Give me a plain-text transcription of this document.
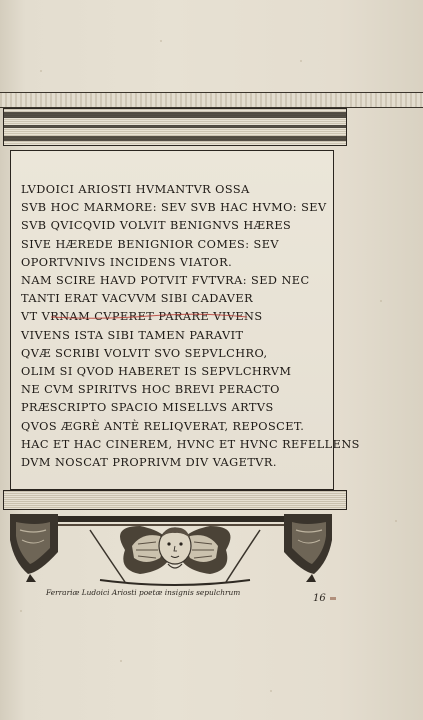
LVDOICI ARIOSTI HVMANTVR OSSA
SVB HOC MARMORE: SEV SVB HAC HVMO: SEV
SVB QVICQVID VOLVIT BENIGNVS HÆRES
SIVE HÆREDE BENIGNIOR COMES: SEV
OPORTVNIVS INCIDENS VIATOR.
NAM SCIRE HAVD POTVIT FVTVRA: SED NEC
TANTI ERAT VACVVM SIBI CADAVER
VT VRNAM CVPERET PARARE VIVENS
VIVENS ISTA SIBI TAMEN PARAVIT
QVÆ SCRIBI VOLVIT SVO SEPVLCHRO,
OLIM SI QVOD HABERET IS SEPVLCHRVM
NE CVM SPIRITVS HOC BREVI PERACTO
PRÆSCRIPTO SPACIO MISELLVS ARTVS
QVOS ÆGRÈ ANTÈ RELIQVERAT, REPOSCET.
HAC ET HAC CINEREM, HVNC ET HVNC REFELLENS
DVM NOSCAT PROPRIVM DIV VAGETVR.
Ferrariæ Ludoici Ariosti poetæ insignis sepulchrum
16
